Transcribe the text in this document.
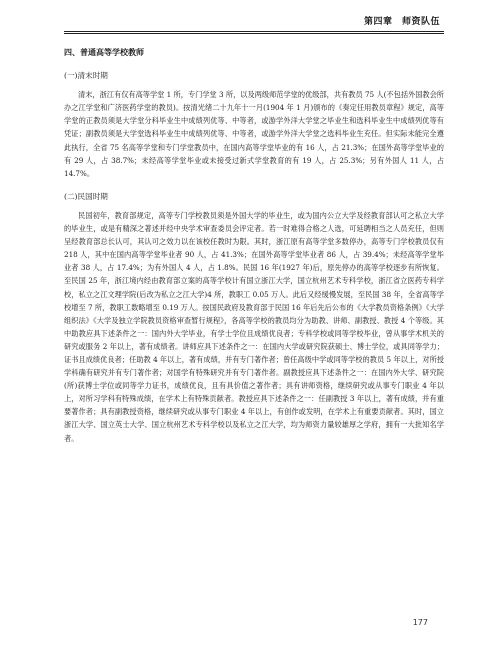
第四章　师资队伍
四、普通高等学校教师
(一)清末时期

清末，浙江有仅有高等学堂 1 所，专门学堂 3 所，以及两级师范学堂的优级部，共有教员 75 人(不包括外国教会所办之江学堂和广济医药学堂的教员)。按清光绪二十九年十一月(1904 年 1 月)颁布的《奏定任用教员章程》规定，高等学堂的正教员须是大学堂分科毕业生中成绩列优等、中等者，或游学外洋大学堂之毕业生和选科毕业生中成绩列优等有凭证；副教员须是大学堂选科毕业生中成绩列优等、中等者，或游学外洋大学堂之选科毕业生充任。但实际未能完全遵此执行，全省 75 名高等学堂和专门学堂教员中，在国内高等学堂毕业的有 16 人，占 21.3%；在国外高等学堂毕业的有 29 人，占 38.7%；未经高等学堂毕业或未接受过新式学堂教育的有 19 人，占 25.3%；另有外国人 11 人，占 14.7%。

(二)民国时期

民国初年，教育部规定，高等专门学校教员须是外国大学的毕业生，或为国内公立大学及经教育部认可之私立大学的毕业生，或是有精深之著述并经中央学术审查委员会评定者。若一时难得合格之人选，可延聘相当之人员充任，但则呈经教育部总长认可，其认可之效力以在该校任教时为限。其时，浙江原有高等学堂多数停办，高等专门学校教员仅有 218 人，其中在国内高等学堂毕业者 90 人，占 41.3%；在国外高等学堂毕业者 86 人，占 39.4%；未经高等学堂毕业者 38 人，占 17.4%；为有外国人 4 人，占 1.8%。民国 16 年(1927 年)后，原先停办的高等学校逐步有所恢复。至民国 25 年，浙江境内经由教育部立案的高等学校计有国立浙江大学，国立杭州艺术专科学校，浙江省立医药专科学校，私立之江文理学院(后改为私立之江大学)4 所，教职工 0.05 万人。此后又经缓慢发展，至民国 38 年，全省高等学校增至 7 所，教职工数略增至 0.19 万人。按国民政府及教育部于民国 16 年后先后公布的《大学教员资格条例》《大学组织法》《大学及独立学院教员资格审查暂行规程》，各高等学校的教员均分为助教、讲师、副教授、教授 4 个等级。其中助教应具下述条件之一：国内外大学毕业，有学士学位且成绩优良者；专科学校或同等学校毕业，曾从事学术机关的研究或服务 2 年以上，著有成绩者。讲师应具下述条件之一：在国内大学或研究院获硕士、博士学位，或具同等学力；证书且成绩优良者；任助教 4 年以上，著有成绩，并有专门著作者；曾任高级中学或同等学校的教员 5 年以上，对所授学科确有研究并有专门著作者；对国学有特殊研究并有专门著作者。副教授应具下述条件之一：在国内外大学、研究院(所)获博士学位或同等学力证书，成绩优良，且有具价值之著作者；具有讲师资格，继续研究或从事专门职业 4 年以上，对所习学科有特殊成绩，在学术上有特殊贡献者。教授应具下述条件之一：任副教授 3 年以上，著有成绩，并有重要著作者；具有副教授资格，继续研究或从事专门职业 4 年以上，有创作或发明，在学术上有重要贡献者。其时，国立浙江大学、国立英士大学、国立杭州艺术专科学校以及私立之江大学，均为师资力量较雄厚之学府，拥有一大批知名学者。

177
